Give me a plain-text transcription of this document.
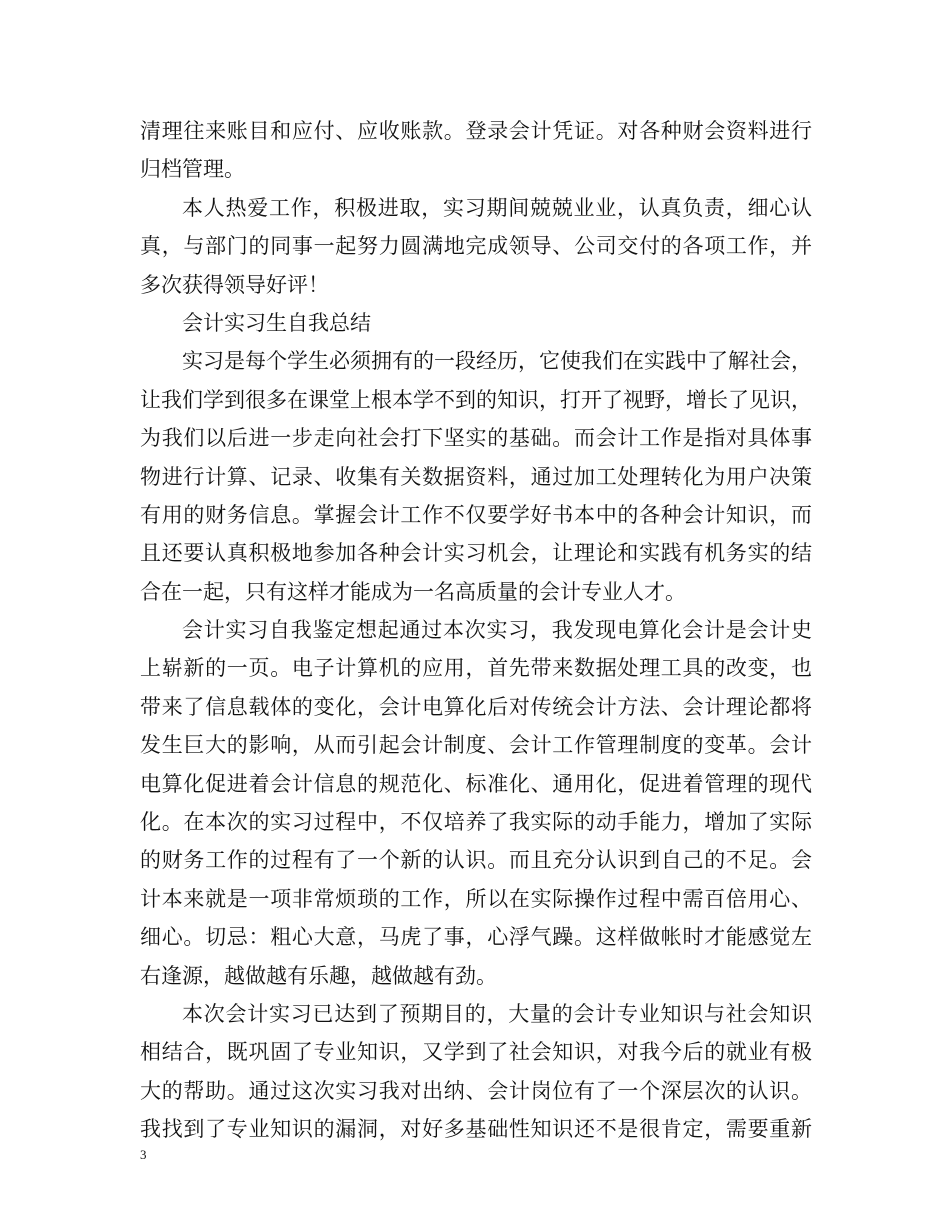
清理往来账目和应付、应收账款。登录会计凭证。对各种财会资料进行
归档管理。
本人热爱工作，积极进取，实习期间兢兢业业，认真负责，细心认
真，与部门的同事一起努力圆满地完成领导、公司交付的各项工作，并
多次获得领导好评！
会计实习生自我总结
实习是每个学生必须拥有的一段经历，它使我们在实践中了解社会，
让我们学到很多在课堂上根本学不到的知识，打开了视野，增长了见识，
为我们以后进一步走向社会打下坚实的基础。而会计工作是指对具体事
物进行计算、记录、收集有关数据资料，通过加工处理转化为用户决策
有用的财务信息。掌握会计工作不仅要学好书本中的各种会计知识，而
且还要认真积极地参加各种会计实习机会，让理论和实践有机务实的结
合在一起，只有这样才能成为一名高质量的会计专业人才。
会计实习自我鉴定想起通过本次实习，我发现电算化会计是会计史
上崭新的一页。电子计算机的应用，首先带来数据处理工具的改变，也
带来了信息载体的变化，会计电算化后对传统会计方法、会计理论都将
发生巨大的影响，从而引起会计制度、会计工作管理制度的变革。会计
电算化促进着会计信息的规范化、标准化、通用化，促进着管理的现代
化。在本次的实习过程中，不仅培养了我实际的动手能力，增加了实际
的财务工作的过程有了一个新的认识。而且充分认识到自己的不足。会
计本来就是一项非常烦琐的工作，所以在实际操作过程中需百倍用心、
细心。切忌：粗心大意，马虎了事，心浮气躁。这样做帐时才能感觉左
右逢源，越做越有乐趣，越做越有劲。
本次会计实习已达到了预期目的，大量的会计专业知识与社会知识
相结合，既巩固了专业知识，又学到了社会知识，对我今后的就业有极
大的帮助。通过这次实习我对出纳、会计岗位有了一个深层次的认识。
我找到了专业知识的漏洞，对好多基础性知识还不是很肯定，需要重新
3
